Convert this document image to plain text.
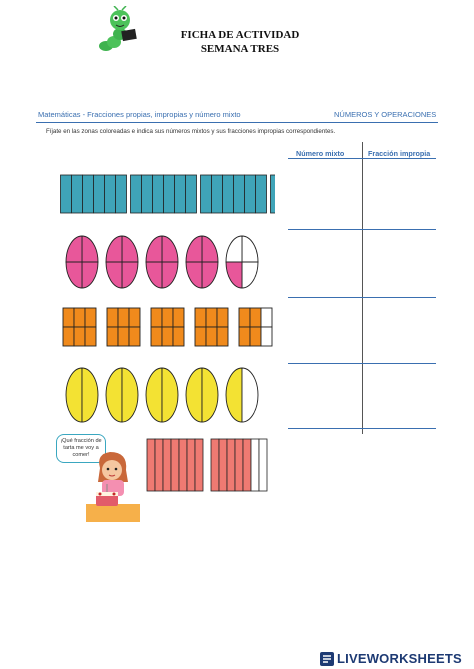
FICHA DE ACTIVIDAD
SEMANA TRES
Matemáticas - Fracciones propias, impropias y número mixto	NÚMEROS Y OPERACIONES
Fíjate en las zonas coloreadas e indica sus números mixtos y sus fracciones impropias correspondientes.
Número mixto	Fracción impropia
¡Qué fracción de tarta me voy a comer!
LIVEWORKSHEETS
